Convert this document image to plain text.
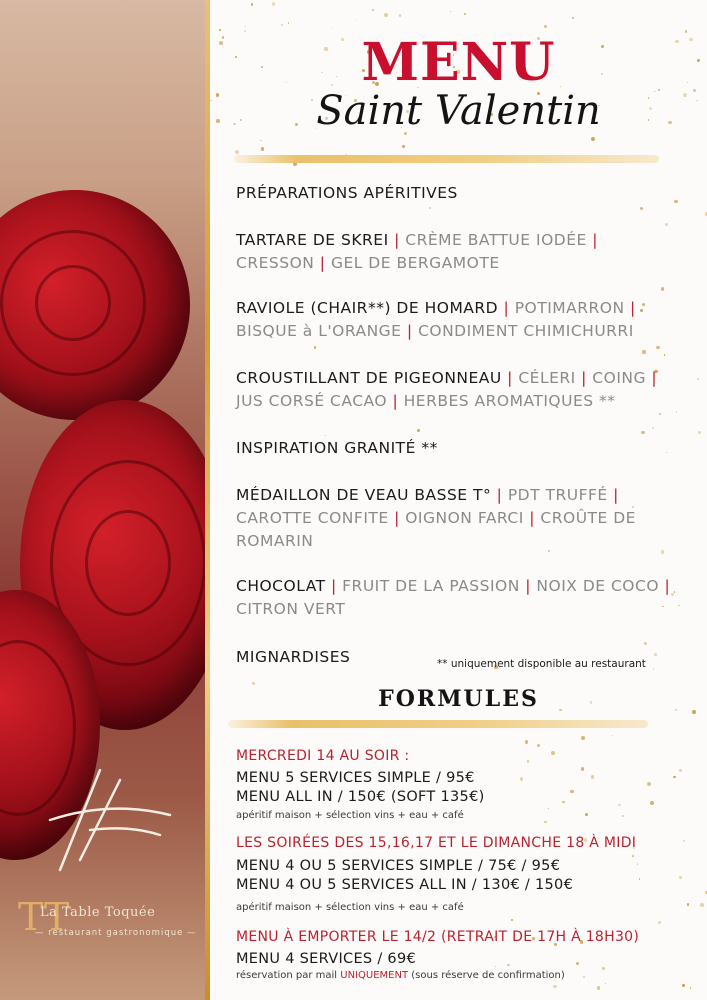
TT
La Table Toquée
— restaurant gastronomique —
MENU
Saint Valentin
PRÉPARATIONS APÉRITIVES
TARTARE DE SKREI | CRÈME BATTUE IODÉE | CRESSON | GEL DE BERGAMOTE
RAVIOLE (CHAIR**) DE HOMARD | POTIMARRON | BISQUE à L'ORANGE | CONDIMENT CHIMICHURRI
CROUSTILLANT DE PIGEONNEAU | CÉLERI | COING | JUS CORSÉ CACAO | HERBES AROMATIQUES **
INSPIRATION GRANITÉ **
MÉDAILLON DE VEAU BASSE T° | PDT TRUFFÉ | CAROTTE CONFITE | OIGNON FARCI | CROÛTE DE ROMARIN
CHOCOLAT | FRUIT DE LA PASSION | NOIX DE COCO | CITRON VERT
MIGNARDISES	** uniquement disponible au restaurant
FORMULES
MERCREDI 14 AU SOIR :
MENU 5 SERVICES SIMPLE / 95€
MENU ALL IN / 150€ (SOFT 135€)
apéritif maison + sélection vins + eau + café
LES SOIRÉES DES 15,16,17 ET LE DIMANCHE 18 À MIDI
MENU 4 OU 5 SERVICES SIMPLE / 75€ / 95€
MENU 4 OU 5 SERVICES ALL IN / 130€ / 150€
apéritif maison + sélection vins + eau + café
MENU À EMPORTER LE 14/2 (RETRAIT DE 17H À 18H30)
MENU 4 SERVICES / 69€
réservation par mail UNIQUEMENT (sous réserve de confirmation)
